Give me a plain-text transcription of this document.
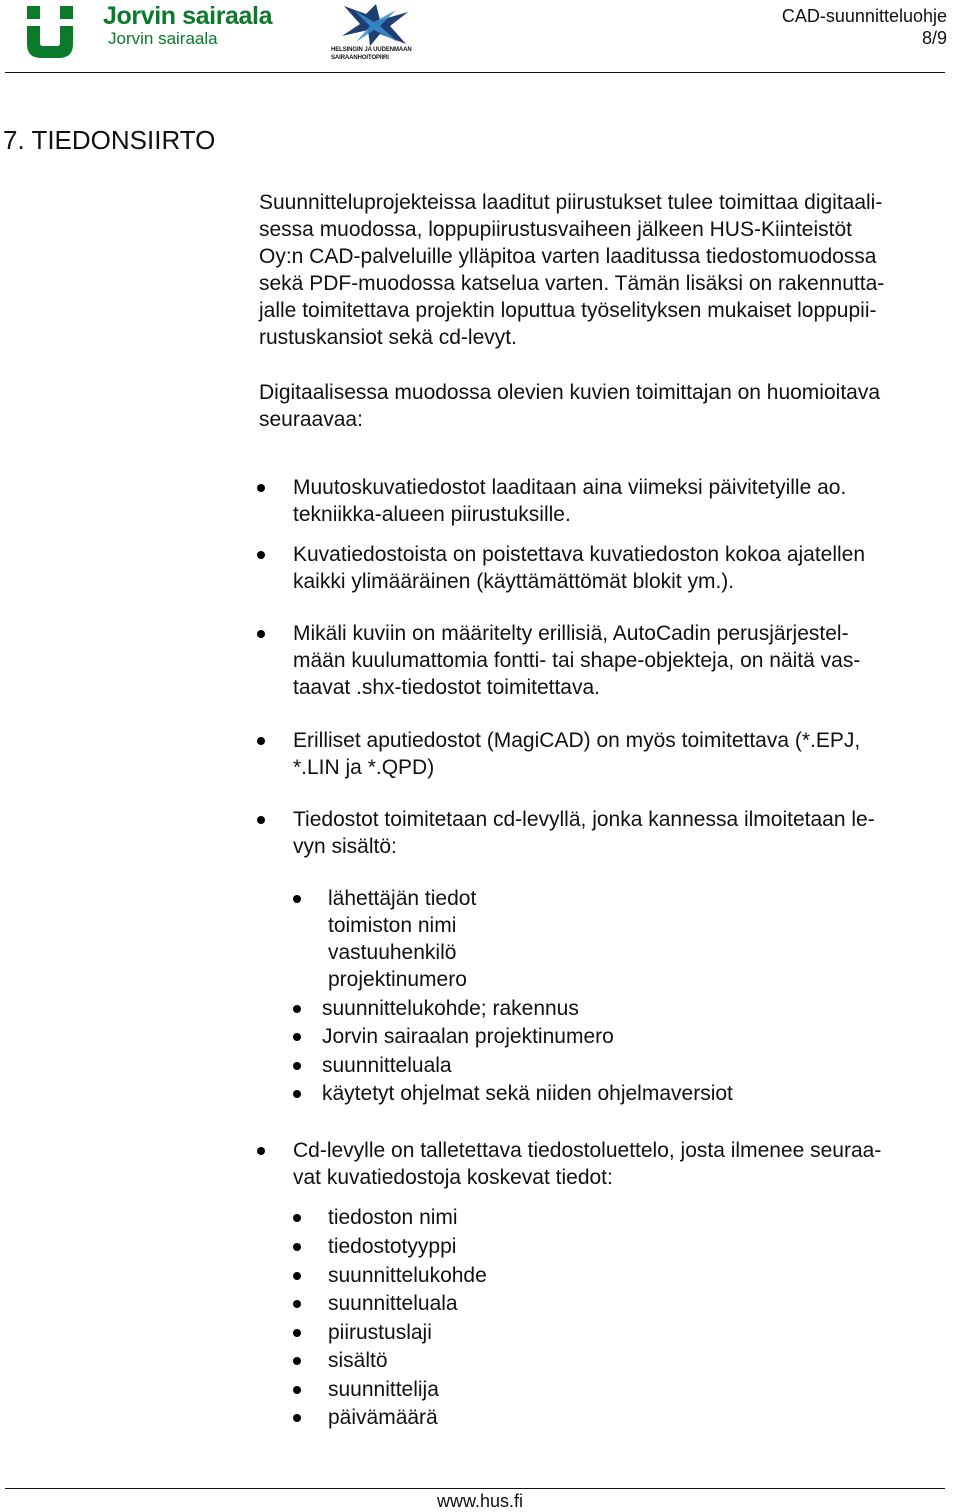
Jorvin sairaala
Jorvin sairaala
HELSINGIN JA UUDENMAAN
SAIRAANHOITOPIIRI
CAD-suunnitteluohje
8/9
7. TIEDONSIIRTO

Suunnitteluprojekteissa laaditut piirustukset tulee toimittaa digitaali-
sessa muodossa, loppupiirustusvaiheen jälkeen HUS-Kiinteistöt
Oy:n CAD-palveluille ylläpitoa varten laaditussa tiedostomuodossa
sekä PDF-muodossa katselua varten. Tämän lisäksi on rakennutta-
jalle toimitettava projektin loputtua työselityksen mukaiset loppupii-
rustuskansiot sekä cd-levyt.

Digitaalisessa muodossa olevien kuvien toimittajan on huomioitava
seuraavaa:

Muutoskuvatiedostot laaditaan aina viimeksi päivitetyille ao.
tekniikka-alueen piirustuksille.

Kuvatiedostoista on poistettava kuvatiedoston kokoa ajatellen
kaikki ylimääräinen (käyttämättömät blokit ym.).

Mikäli kuviin on määritelty erillisiä, AutoCadin perusjärjestel-
mään kuulumattomia fontti- tai shape-objekteja, on näitä vas-
taavat .shx-tiedostot toimitettava.

Erilliset aputiedostot (MagiCAD) on myös toimitettava (*.EPJ,
*.LIN ja *.QPD)

Tiedostot toimitetaan cd-levyllä, jonka kannessa ilmoitetaan le-
vyn sisältö:

lähettäjän tiedot

toimiston nimi

vastuuhenkilö

projektinumero

suunnittelukohde; rakennus

Jorvin sairaalan projektinumero

suunnitteluala

käytetyt ohjelmat sekä niiden ohjelmaversiot

Cd-levylle on talletettava tiedostoluettelo, josta ilmenee seuraa-
vat kuvatiedostoja koskevat tiedot:

tiedoston nimi

tiedostotyyppi

suunnittelukohde

suunnitteluala

piirustuslaji

sisältö

suunnittelija

päivämäärä

www.hus.fi
